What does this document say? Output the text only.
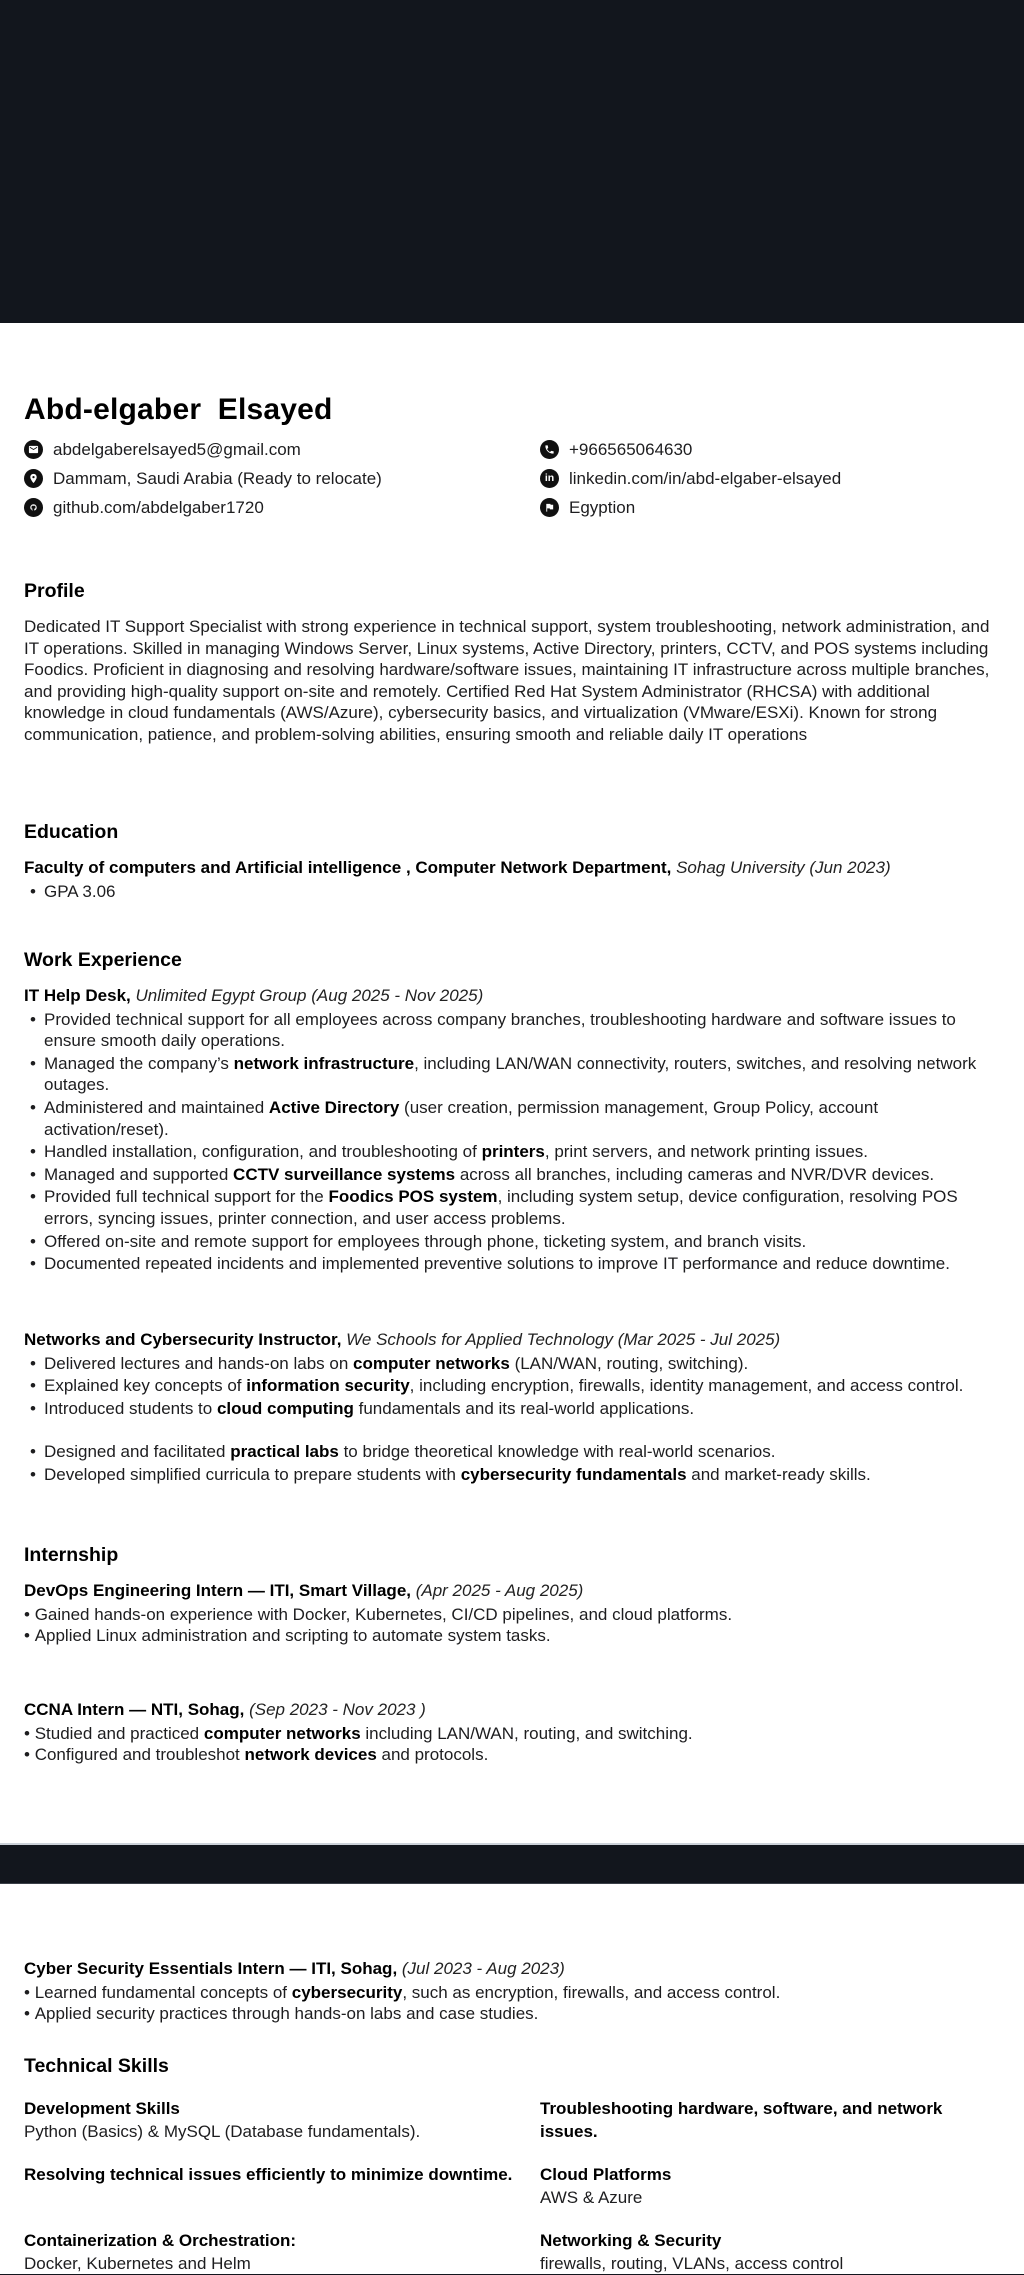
Abd-elgaber Elsayed
abdelgaberelsayed5@gmail.com
Dammam, Saudi Arabia (Ready to relocate)
github.com/abdelgaber1720
+966565064630
in linkedin.com/in/abd-elgaber-elsayed
Egyption
Profile

Dedicated IT Support Specialist with strong experience in technical support, system troubleshooting, network administration, and IT operations. Skilled in managing Windows Server, Linux systems, Active Directory, printers, CCTV, and POS systems including Foodics. Proficient in diagnosing and resolving hardware/software issues, maintaining IT infrastructure across multiple branches, and providing high-quality support on-site and remotely. Certified Red Hat System Administrator (RHCSA) with additional knowledge in cloud fundamentals (AWS/Azure), cybersecurity basics, and virtualization (VMware/ESXi). Known for strong communication, patience, and problem-solving abilities, ensuring smooth and reliable daily IT operations

Education

Faculty of computers and Artificial intelligence , Computer Network Department, Sohag University (Jun 2023)

• GPA 3.06
Work Experience

IT Help Desk, Unlimited Egypt Group (Aug 2025 - Nov 2025)

• Provided technical support for all employees across company branches, troubleshooting hardware and software issues to ensure smooth daily operations.
• Managed the company’s network infrastructure, including LAN/WAN connectivity, routers, switches, and resolving network outages.
• Administered and maintained Active Directory (user creation, permission management, Group Policy, account activation/reset).
• Handled installation, configuration, and troubleshooting of printers, print servers, and network printing issues.
• Managed and supported CCTV surveillance systems across all branches, including cameras and NVR/DVR devices.
• Provided full technical support for the Foodics POS system, including system setup, device configuration, resolving POS errors, syncing issues, printer connection, and user access problems.
• Offered on-site and remote support for employees through phone, ticketing system, and branch visits.
• Documented repeated incidents and implemented preventive solutions to improve IT performance and reduce downtime.

Networks and Cybersecurity Instructor, We Schools for Applied Technology (Mar 2025 - Jul 2025)

• Delivered lectures and hands-on labs on computer networks (LAN/WAN, routing, switching).
• Explained key concepts of information security, including encryption, firewalls, identity management, and access control.
• Introduced students to cloud computing fundamentals and its real-world applications.
• Designed and facilitated practical labs to bridge theoretical knowledge with real-world scenarios.
• Developed simplified curricula to prepare students with cybersecurity fundamentals and market-ready skills.
Internship

DevOps Engineering Intern — ITI, Smart Village, (Apr 2025 - Aug 2025)

• Gained hands-on experience with Docker, Kubernetes, CI/CD pipelines, and cloud platforms.

• Applied Linux administration and scripting to automate system tasks.

CCNA Intern — NTI, Sohag, (Sep 2023 - Nov 2023 )

• Studied and practiced computer networks including LAN/WAN, routing, and switching.

• Configured and troubleshot network devices and protocols.

Cyber Security Essentials Intern — ITI, Sohag, (Jul 2023 - Aug 2023)

• Learned fundamental concepts of cybersecurity, such as encryption, firewalls, and access control.

• Applied security practices through hands-on labs and case studies.

Technical Skills
Development Skills
Python (Basics) & MySQL (Database fundamentals).
Troubleshooting hardware, software, and network issues.
Resolving technical issues efficiently to minimize downtime.	Cloud Platforms
AWS & Azure
Containerization & Orchestration:
Docker, Kubernetes and Helm
Networking & Security
firewalls, routing, VLANs, access control
